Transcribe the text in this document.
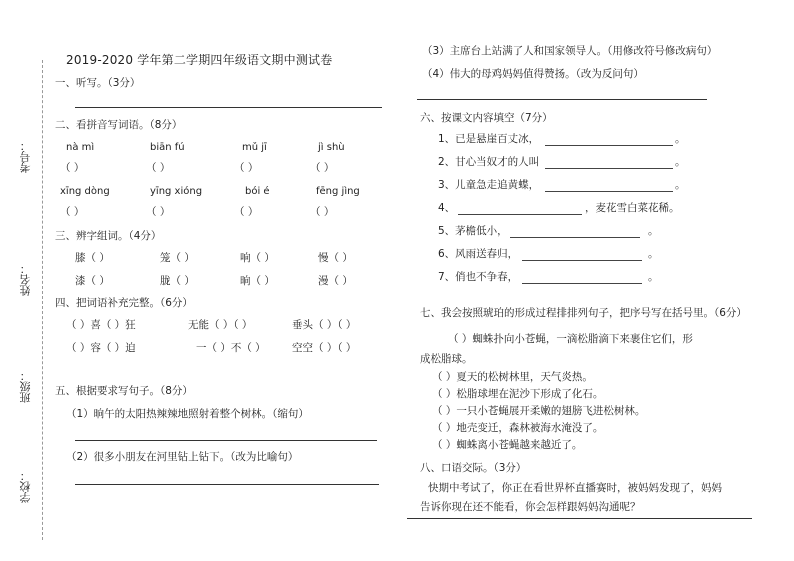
考号：
姓名：
班级：
学校：
2019-2020 学年第二学期四年级语文期中测试卷
一、听写。（3分）
二、看拼音写词语。（8分）
nà mì	biān fú	mǔ jī	jì shù
（ ）	（ ）	（ ）	（ ）
xīng dòng	yīng xióng	bói é	fēng jìng
（ ）	（ ）	（ ）	（ ）
三、辨字组词。（4分）
膝（ ）	笼（ ）	响（ ）	慢（ ）
漆（ ）	胧（ ）	晌（ ）	漫（ ）
四、把词语补充完整。（6分）
（ ）喜（ ）狂	无能（ ）（ ）	垂头（ ）（ ）
（ ）容（ ）迫	一（ ）不（ ）	空空（ ）（ ）
五、根据要求写句子。（8分）
（1）晌午的太阳热辣辣地照射着整个树林。（缩句）
（2）很多小朋友在河里钻上钻下。（改为比喻句）
（3）主席台上站满了人和国家领导人。（用修改符号修改病句）
（4）伟大的母鸡妈妈值得赞扬。（改为反问句）
六、按课文内容填空（7分）
1、已是悬崖百丈冰，	。
2、甘心当奴才的人叫	。
3、儿童急走追黄蝶，	。
4、	，麦花雪白菜花稀。
5、茅檐低小，	。
6、风雨送春归，	。
7、俏也不争春，	。
七、我会按照琥珀的形成过程排排列句子，把序号写在括号里。（6分）
（ ）蜘蛛扑向小苍蝇，一滴松脂滴下来裹住它们，形
成松脂球。
（ ）夏天的松树林里，天气炎热。
（ ）松脂球埋在泥沙下形成了化石。
（ ）一只小苍蝇展开柔嫩的翅膀飞进松树林。
（ ）地壳变迁，森林被海水淹没了。
（ ）蜘蛛离小苍蝇越来越近了。
八、口语交际。（3分）
快期中考试了，你正在看世界杯直播赛时，被妈妈发现了，妈妈
告诉你现在还不能看，你会怎样跟妈妈沟通呢？
